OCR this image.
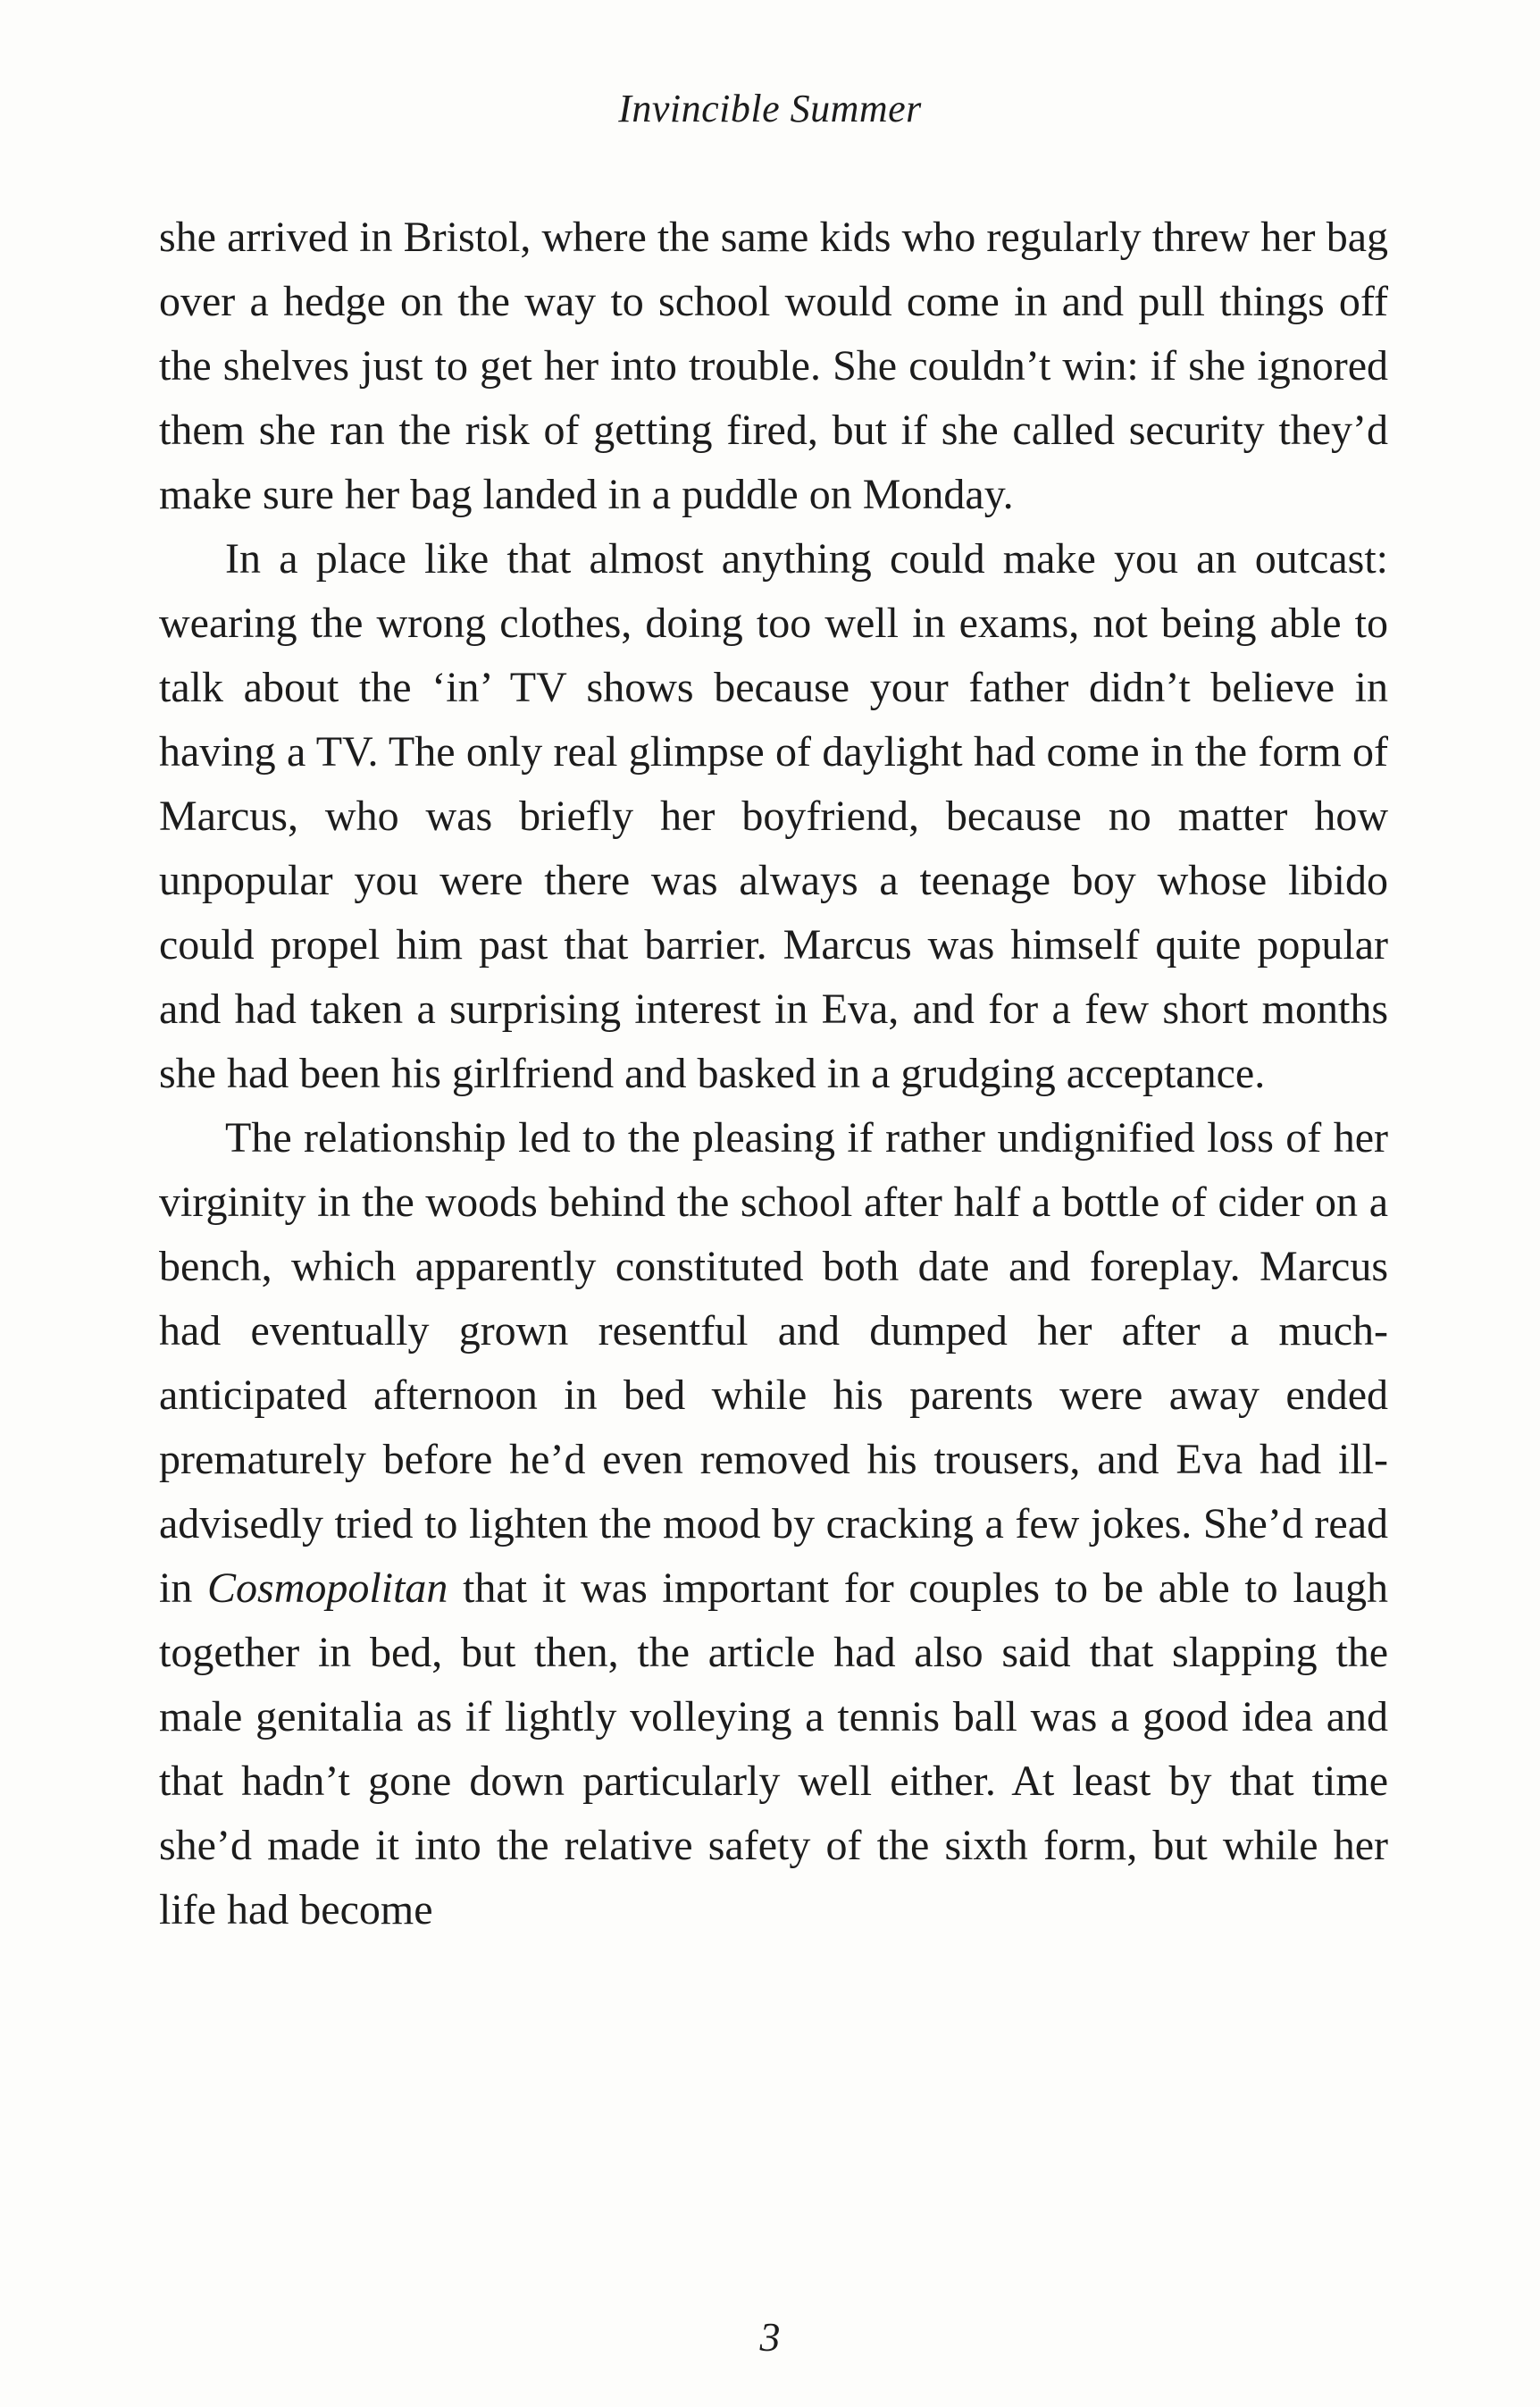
Invincible Summer

she arrived in Bristol, where the same kids who regularly threw her bag over a hedge on the way to school would come in and pull things off the shelves just to get her into trouble. She couldn’t win: if she ignored them she ran the risk of getting fired, but if she called security they’d make sure her bag landed in a puddle on Monday.

In a place like that almost anything could make you an outcast: wearing the wrong clothes, doing too well in exams, not being able to talk about the ‘in’ TV shows because your father didn’t believe in having a TV. The only real glimpse of daylight had come in the form of Marcus, who was briefly her boyfriend, because no matter how unpopular you were there was always a teenage boy whose libido could propel him past that barrier. Marcus was himself quite popular and had taken a surprising interest in Eva, and for a few short months she had been his girlfriend and basked in a grudging acceptance.

The relationship led to the pleasing if rather undignified loss of her virginity in the woods behind the school after half a bottle of cider on a bench, which apparently constituted both date and foreplay. Marcus had eventually grown resentful and dumped her after a much-anticipated afternoon in bed while his parents were away ended prematurely before he’d even removed his trousers, and Eva had ill-advisedly tried to lighten the mood by cracking a few jokes. She’d read in Cosmopolitan that it was important for couples to be able to laugh together in bed, but then, the article had also said that slapping the male genitalia as if lightly volleying a tennis ball was a good idea and that hadn’t gone down particularly well either. At least by that time she’d made it into the relative safety of the sixth form, but while her life had become

3
